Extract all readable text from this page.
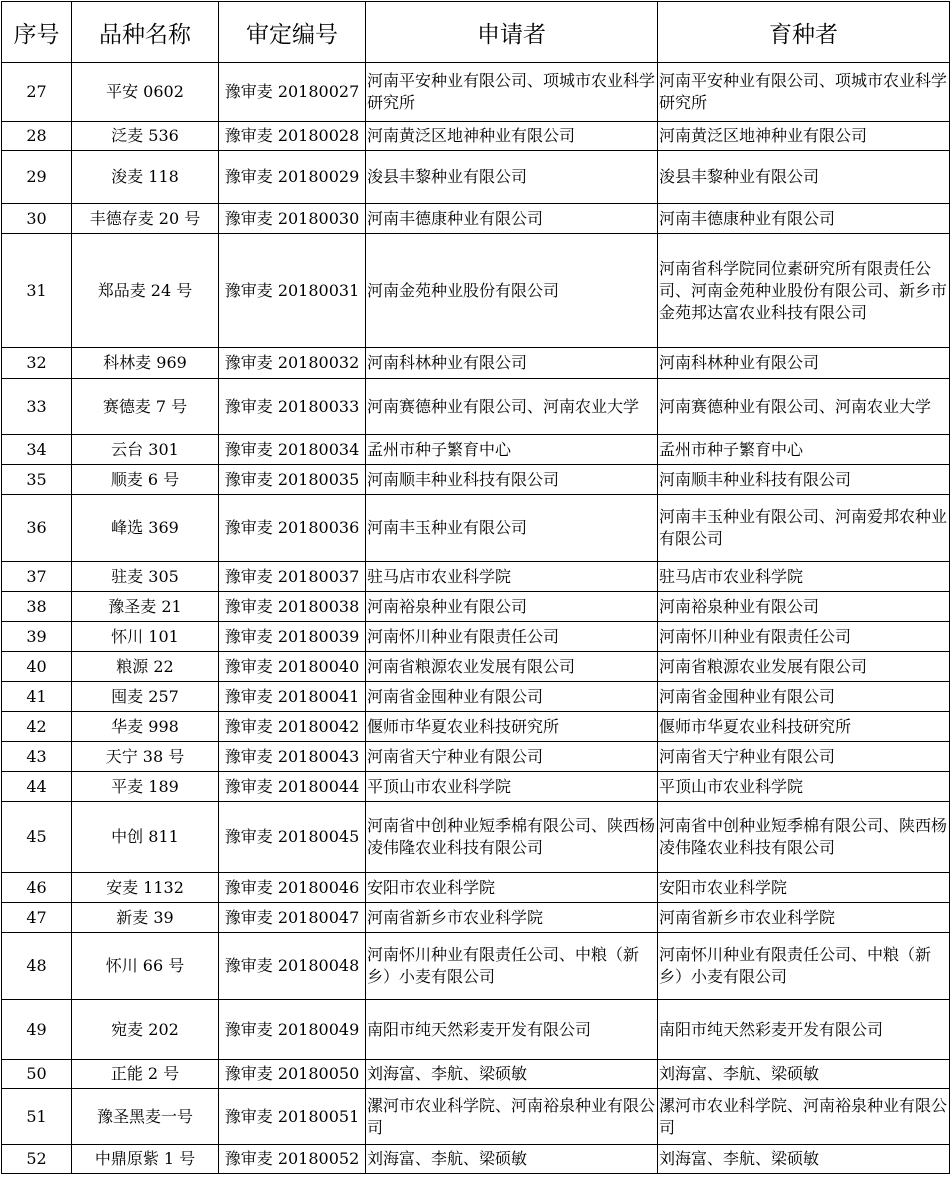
序号	品种名称	审定编号	申请者	育种者
27	平安 0602	豫审麦 20180027	河南平安种业有限公司、项城市农业科学研究所	河南平安种业有限公司、项城市农业科学研究所
28	泛麦 536	豫审麦 20180028	河南黄泛区地神种业有限公司	河南黄泛区地神种业有限公司
29	浚麦 118	豫审麦 20180029	浚县丰黎种业有限公司	浚县丰黎种业有限公司
30	丰德存麦 20 号	豫审麦 20180030	河南丰德康种业有限公司	河南丰德康种业有限公司
31	郑品麦 24 号	豫审麦 20180031	河南金苑种业股份有限公司	河南省科学院同位素研究所有限责任公司、河南金苑种业股份有限公司、新乡市金苑邦达富农业科技有限公司
32	科林麦 969	豫审麦 20180032	河南科林种业有限公司	河南科林种业有限公司
33	赛德麦 7 号	豫审麦 20180033	河南赛德种业有限公司、河南农业大学	河南赛德种业有限公司、河南农业大学
34	云台 301	豫审麦 20180034	孟州市种子繁育中心	孟州市种子繁育中心
35	顺麦 6 号	豫审麦 20180035	河南顺丰种业科技有限公司	河南顺丰种业科技有限公司
36	峰选 369	豫审麦 20180036	河南丰玉种业有限公司	河南丰玉种业有限公司、河南爱邦农种业有限公司
37	驻麦 305	豫审麦 20180037	驻马店市农业科学院	驻马店市农业科学院
38	豫圣麦 21	豫审麦 20180038	河南裕泉种业有限公司	河南裕泉种业有限公司
39	怀川 101	豫审麦 20180039	河南怀川种业有限责任公司	河南怀川种业有限责任公司
40	粮源 22	豫审麦 20180040	河南省粮源农业发展有限公司	河南省粮源农业发展有限公司
41	囤麦 257	豫审麦 20180041	河南省金囤种业有限公司	河南省金囤种业有限公司
42	华麦 998	豫审麦 20180042	偃师市华夏农业科技研究所	偃师市华夏农业科技研究所
43	天宁 38 号	豫审麦 20180043	河南省天宁种业有限公司	河南省天宁种业有限公司
44	平麦 189	豫审麦 20180044	平顶山市农业科学院	平顶山市农业科学院
45	中创 811	豫审麦 20180045	河南省中创种业短季棉有限公司、陕西杨凌伟隆农业科技有限公司	河南省中创种业短季棉有限公司、陕西杨凌伟隆农业科技有限公司
46	安麦 1132	豫审麦 20180046	安阳市农业科学院	安阳市农业科学院
47	新麦 39	豫审麦 20180047	河南省新乡市农业科学院	河南省新乡市农业科学院
48	怀川 66 号	豫审麦 20180048	河南怀川种业有限责任公司、中粮（新乡）小麦有限公司	河南怀川种业有限责任公司、中粮（新乡）小麦有限公司
49	宛麦 202	豫审麦 20180049	南阳市纯天然彩麦开发有限公司	南阳市纯天然彩麦开发有限公司
50	正能 2 号	豫审麦 20180050	刘海富、李航、梁硕敏	刘海富、李航、梁硕敏
51	豫圣黑麦一号	豫审麦 20180051	漯河市农业科学院、河南裕泉种业有限公司	漯河市农业科学院、河南裕泉种业有限公司
52	中鼎原紫 1 号	豫审麦 20180052	刘海富、李航、梁硕敏	刘海富、李航、梁硕敏
